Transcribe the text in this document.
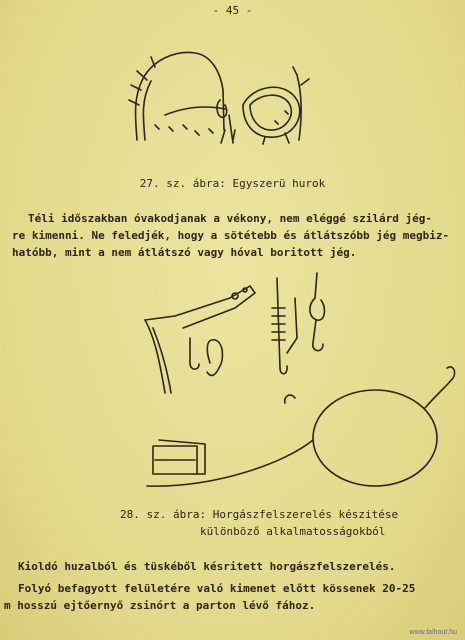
- 45 -
27. sz. ábra: Egyszerü hurok
Téli időszakban óvakodjanak a vékony, nem eléggé szilárd jég-
re kimenni. Ne feledjék, hogy a sötétebb és átlátszóbb jég megbiz-
hatóbb, mint a nem átlátszó vagy hóval boritott jég.
28. sz. ábra: Horgászfelszerelés készitése
különböző alkalmatosságokból
Kioldó huzalból és tüskéből késritett horgászfelszerelés.
Folyó befagyott felületére való kimenet előtt kössenek 20-25
m hosszú ejtőernyő zsinórt a parton lévő fához.
www.falhout.hu
